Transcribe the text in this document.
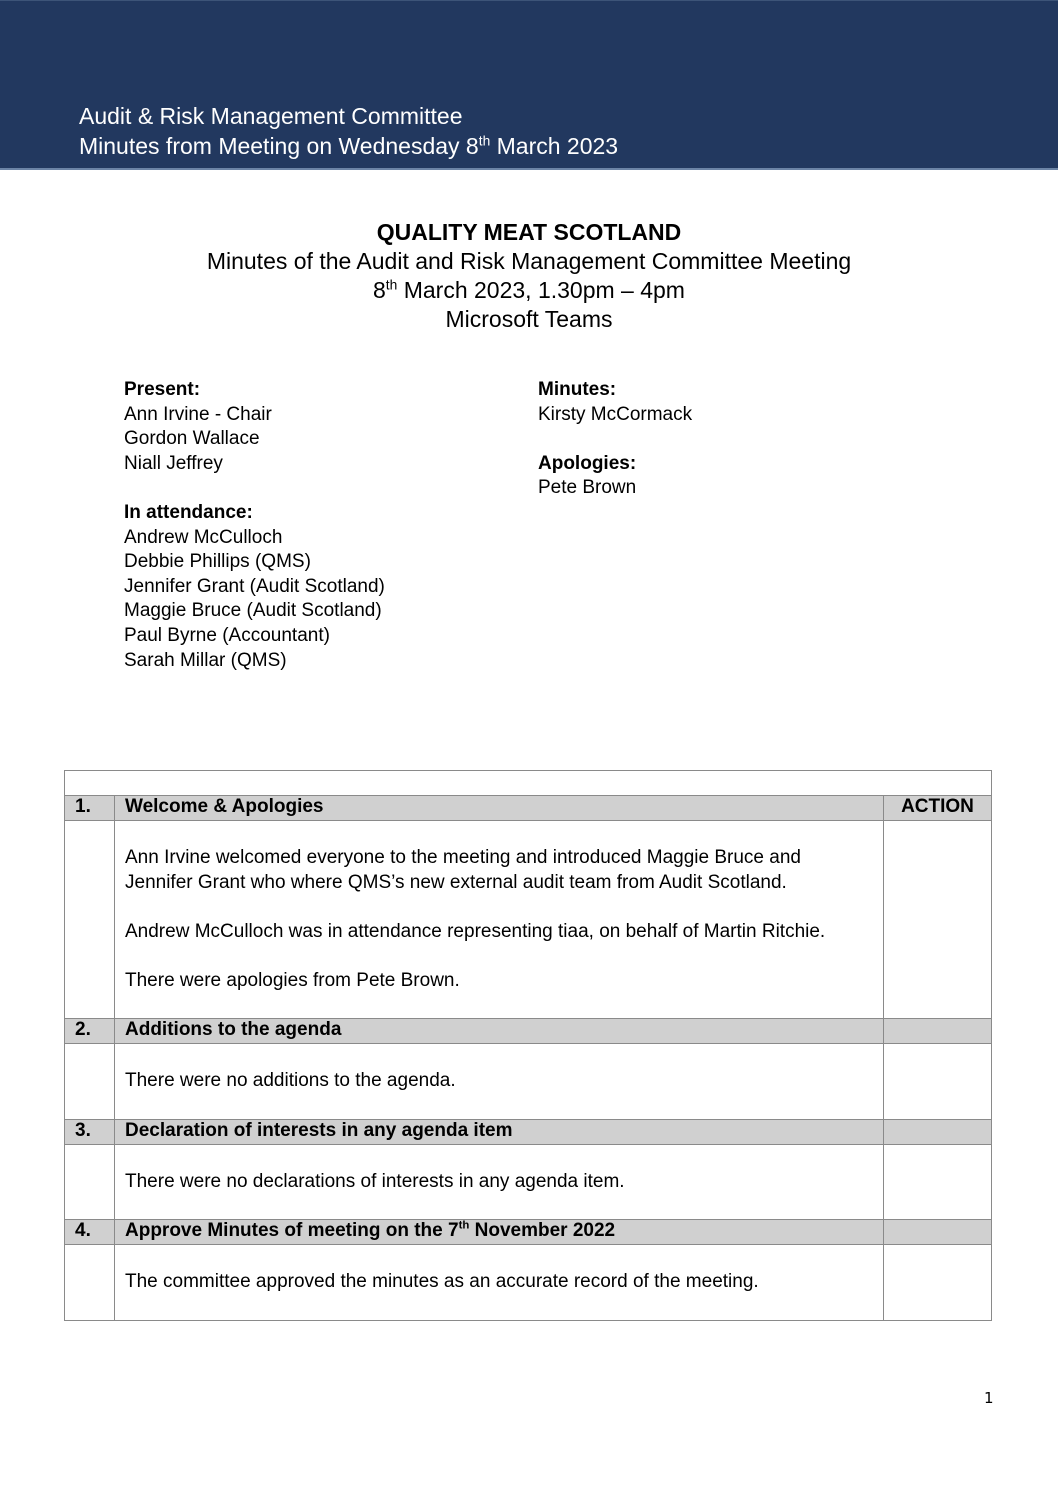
Audit & Risk Management Committee
Minutes from Meeting on Wednesday 8th March 2023
QUALITY MEAT SCOTLAND
Minutes of the Audit and Risk Management Committee Meeting
8th March 2023, 1.30pm – 4pm
Microsoft Teams
Present:
Ann Irvine - Chair
Gordon Wallace
Niall Jeffrey
In attendance:
Andrew McCulloch
Debbie Phillips (QMS)
Jennifer Grant (Audit Scotland)
Maggie Bruce (Audit Scotland)
Paul Byrne (Accountant)
Sarah Millar (QMS)
Minutes:
Kirsty McCormack
Apologies:
Pete Brown

1.	Welcome & Apologies	ACTION

	Ann Irvine welcomed everyone to the meeting and introduced Maggie Bruce and Jennifer Grant who where QMS’s new external audit team from Audit Scotland.

Andrew McCulloch was in attendance representing tiaa, on behalf of Martin Ritchie.

There were apologies from Pete Brown.	

2.	Additions to the agenda	

	There were no additions to the agenda.	

3.	Declaration of interests in any agenda item	

	There were no declarations of interests in any agenda item.	

4.	Approve Minutes of meeting on the 7th November 2022	

	The committee approved the minutes as an accurate record of the meeting.	

1
